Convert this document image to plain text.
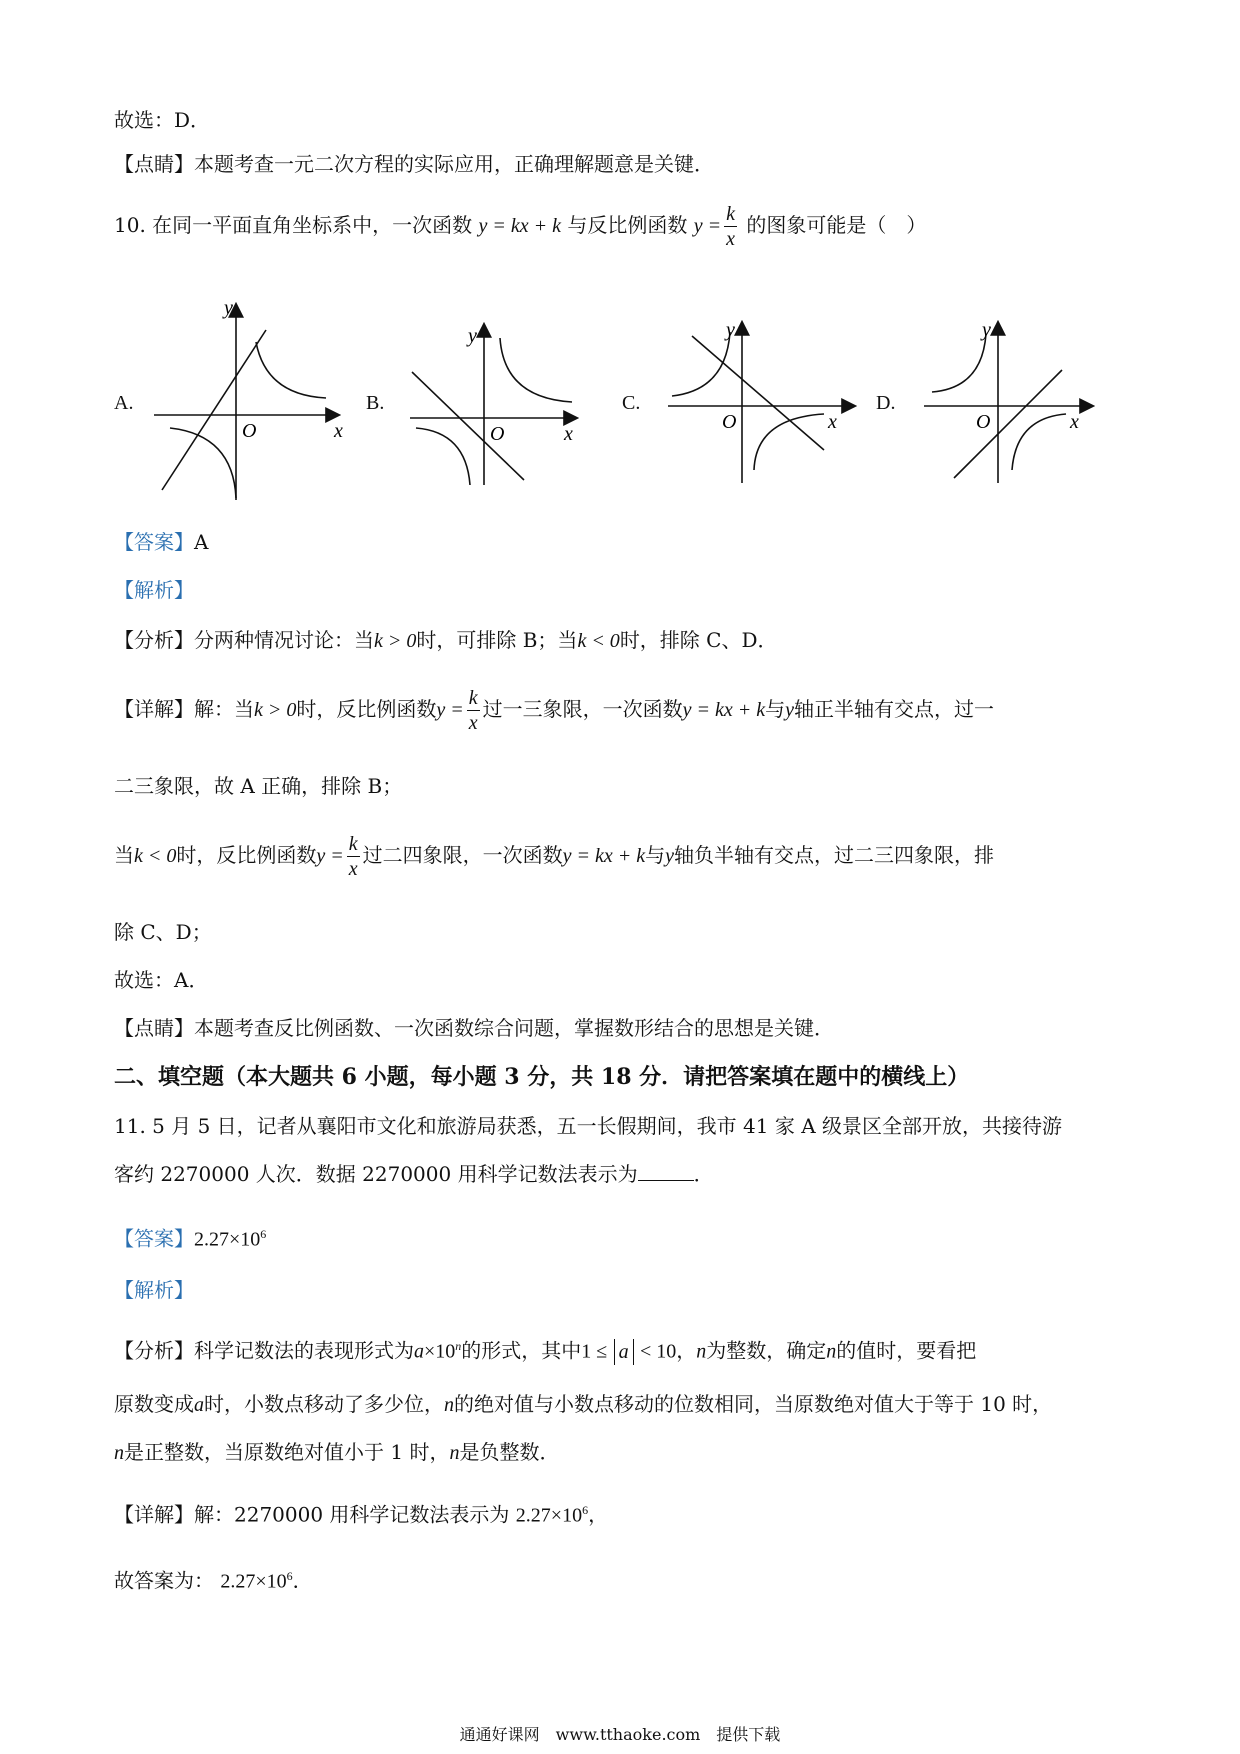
故选：D．
【点睛】本题考查一元二次方程的实际应用，正确理解题意是关键．
10. 在同一平面直角坐标系中，一次函数 y = kx + k 与反比例函数 $y = \frac{k}{x}$ 的图象可能是（　）
A.	B.	C.	D.
y
O	x
y
O	x
y
O	x
y
O	x
【答案】A
【解析】
【分析】分两种情况讨论：当k > 0时，可排除 B；当k < 0时，排除 C、D．
【详解】解：当k > 0时，反比例函数$y = \frac{k}{x}$ 过一三象限，一次函数y = kx + k与y轴正半轴有交点，过一
二三象限，故 A 正确，排除 B；
当k < 0时，反比例函数$y = \frac{k}{x}$ 过二四象限，一次函数y = kx + k与y轴负半轴有交点，过二三四象限，排
除 C、D；
故选：A．
【点睛】本题考查反比例函数、一次函数综合问题，掌握数形结合的思想是关键．
二、填空题（本大题共 6 小题，每小题 3 分，共 18 分．请把答案填在题中的横线上）
11. 5 月 5 日，记者从襄阳市文化和旅游局获悉，五一长假期间，我市 41 家 A 级景区全部开放，共接待游
客约 2270000 人次．数据 2270000 用科学记数法表示为	．
【答案】$2.27\times 10^6$
【解析】
【分析】科学记数法的表现形式为$a\times 10^n$的形式，其中1 ≤ a < 10，n为整数，确定n的值时，要看把
原数变成a时，小数点移动了多少位，n的绝对值与小数点移动的位数相同，当原数绝对值大于等于 10 时，
n是正整数，当原数绝对值小于 1 时，n是负整数．
【详解】解：2270000 用科学记数法表示为 $2.27\times 10^6$，
故答案为： $2.27\times 10^6$．
通通好课网　www.tthaoke.com　提供下载
